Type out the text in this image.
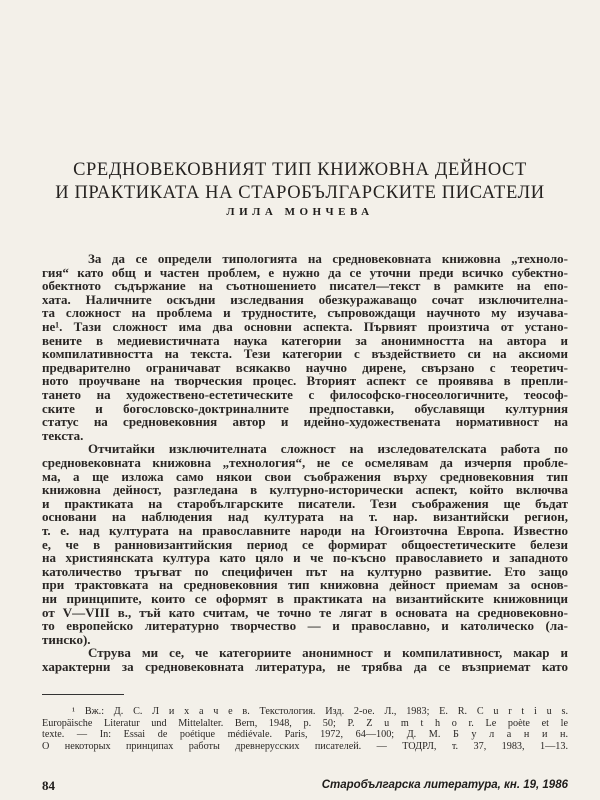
СРЕДНОВЕКОВНИЯТ ТИП КНИЖОВНА ДЕЙНОСТ
И ПРАКТИКАТА НА СТАРОБЪЛГАРСКИТЕ ПИСАТЕЛИ
ЛИЛА МОНЧЕВА
За да се определи типологията на средновековната книжовна „техноло-
гия“ като общ и частен проблем, е нужно да се уточни преди всичко субектно-
обектното съдържание на съотношението писател—текст в рамките на епо-
хата. Наличните оскъдни изследвания обезкуражаващо сочат изключителна-
та сложност на проблема и трудностите, съпровождащи научното му изучава-
не¹. Тази сложност има два основни аспекта. Първият произтича от устано-
вените в медиевистичната наука категории за анонимността на автора и
компилативността на текста. Тези категории с въздействието си на аксиоми
предварително ограничават всякакво научно дирене, свързано с теоретич-
ното проучване на творческия процес. Вторият аспект се проявява в препли-
тането на художествено-естетическите с философско-гносеологичните, теософ-
ските и богословско-доктриналните предпоставки, обуславящи културния
статус на средновековния автор и идейно-художествената нормативност на
текста.
Отчитайки изключителната сложност на изследователската работа по
средновековната книжовна „технология“, не се осмелявам да изчерпя пробле-
ма, а ще изложа само някои свои съображения върху средновековния тип
книжовна дейност, разгледана в културно-исторически аспект, който включва
и практиката на старобългарските писатели. Тези съображения ще бъдат
основани на наблюдения над културата на т. нар. византийски регион,
т. е. над културата на православните народи на Югоизточна Европа. Известно
е, че в ранновизантийския период се формират общоестетическите белези
на християнската култура като цяло и че по-късно православието и западното
католичество тръгват по специфичен път на културно развитие. Ето защо
при трактовката на средновековния тип книжовна дейност приемам за основ-
ни принципите, които се оформят в практиката на византийските книжовници
от V—VIII в., тъй като считам, че точно те лягат в основата на средновековно-
то европейско литературно творчество — и православно, и католическо (ла-
тинско).
Струва ми се, че категориите анонимност и компилативност, макар и
характерни за средновековната литература, не трябва да се възприемат като
¹ Вж.: Д. С. Л и х а ч е в. Текстология. Изд. 2-ое. Л., 1983; E. R. C u r t i u s.
Europäische Literatur und Mittelalter. Bern, 1948, p. 50; P. Z u m t h o r. Le poète et le
texte. — In: Essai de poétique médiévale. Paris, 1972, 64—100; Д. М. Б у л а н и н.
О некоторых принципах работы древнерусских писателей. — ТОДРЛ, т. 37, 1983, 1—13.
84	Старобългарска литература, кн. 19, 1986
